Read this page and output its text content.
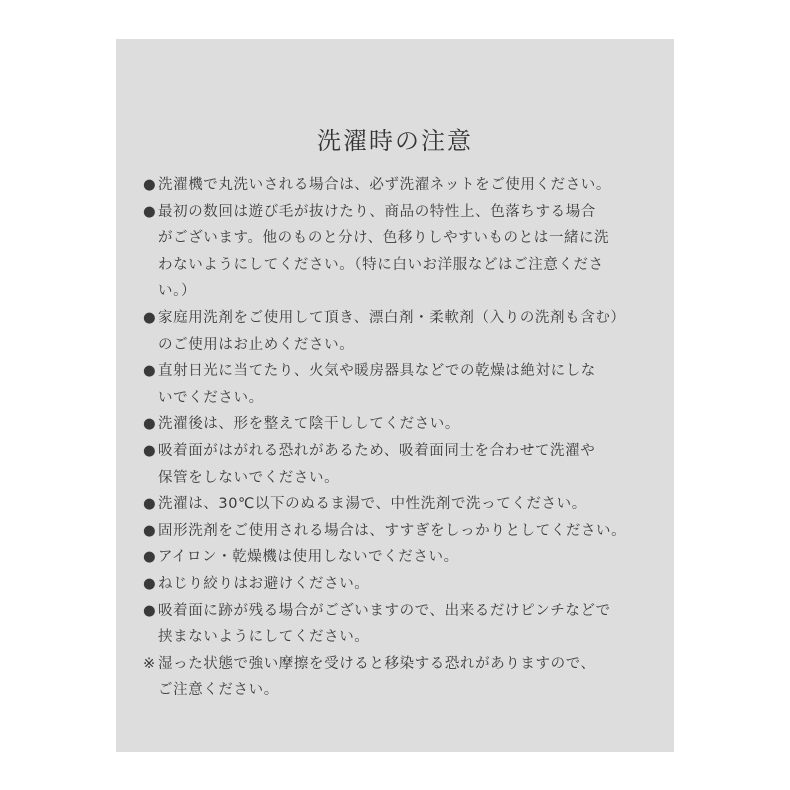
洗濯時の注意
● 洗濯機で丸洗いされる場合は、必ず洗濯ネットをご使用ください。
● 最初の数回は遊び毛が抜けたり、商品の特性上、色落ちする場合
がございます。他のものと分け、色移りしやすいものとは一緒に洗
わないようにしてください。（特に白いお洋服などはご注意くださ
い。）
● 家庭用洗剤をご使用して頂き、漂白剤・柔軟剤（入りの洗剤も含む）
のご使用はお止めください。
● 直射日光に当てたり、火気や暖房器具などでの乾燥は絶対にしな
いでください。
● 洗濯後は、形を整えて陰干ししてください。
● 吸着面がはがれる恐れがあるため、吸着面同士を合わせて洗濯や
保管をしないでください。
● 洗濯は、30℃以下のぬるま湯で、中性洗剤で洗ってください。
● 固形洗剤をご使用される場合は、すすぎをしっかりとしてください。
● アイロン・乾燥機は使用しないでください。
● ねじり絞りはお避けください。
● 吸着面に跡が残る場合がございますので、出来るだけピンチなどで
挟まないようにしてください。
※ 湿った状態で強い摩擦を受けると移染する恐れがありますので、
ご注意ください。
